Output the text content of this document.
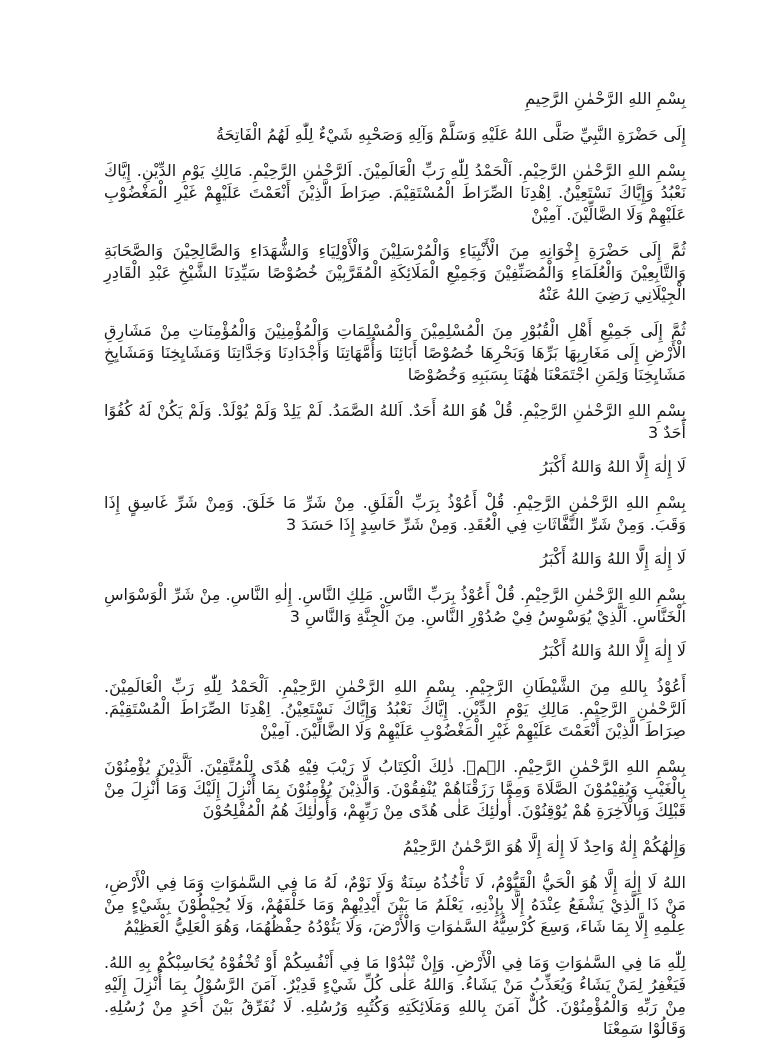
بِسْمِ اللهِ الرَّحْمٰنِ الرَّحِيمِ

إِلَى حَضْرَةِ النَّبِيِّ صَلَّى اللهُ عَلَيْهِ وَسَلَّمْ وَآلِهِ وَصَحْبِهِ شَيْءٌ لِلّٰهِ لَهُمُ الْفَاتِحَةُ

بِسْمِ اللهِ الرَّحْمٰنِ الرَّحِيْمِ. اَلْحَمْدُ لِلّٰهِ رَبِّ الْعَالَمِيْنَ. اَلرَّحْمٰنِ الرَّحِيْمِ. مَالِكِ يَوْمِ الدِّيْنِ. إِيَّاكَ نَعْبُدُ وَإِيَّاكَ نَسْتَعِيْنُ. اِهْدِنَا الصِّرَاطَ الْمُسْتَقِيْمَ. صِرَاطَ الَّذِيْنَ أَنْعَمْتَ عَلَيْهِمْ غَيْرِ الْمَغْضُوْبِ عَلَيْهِمْ وَلَا الضَّالِّيْنَ. آمِيْنْ

ثُمَّ إِلَى حَضْرَةِ إِخْوَانِهِ مِنَ الْأَنْبِيَاءِ وَالْمُرْسَلِيْنَ وَالْأَوْلِيَاءِ وَالشُّهَدَاءِ وَالصَّالِحِيْنَ وَالصَّحَابَةِ وَالتَّابِعِيْنَ وَالْعُلَمَاءِ وَالْمُصَنِّفِيْنَ وَجَمِيْعِ الْمَلَائِكَةِ الْمُقَرَّبِيْنَ خُصُوْصًا سَيِّدِنَا الشَّيْخِ عَبْدِ الْقَادِرِ الْجِيْلَانِي رَضِيَ اللهُ عَنْهُ

ثُمَّ إِلَى جَمِيْعِ أَهْلِ الْقُبُوْرِ مِنَ الْمُسْلِمِيْنَ وَالْمُسْلِمَاتِ وَالْمُؤْمِنِيْنَ وَالْمُؤْمِنَاتِ مِنْ مَشَارِقِ الْأَرْضِ إِلَى مَغَارِبِهَا بَرِّهَا وَبَحْرِهَا خُصُوْصًا أَبَائِنَا وَأُمَّهَاتِنَا وَأَجْدَادِنَا وَجَدَّاتِنَا وَمَشَايِخِنَا وَمَشَايِخِ مَشَايِخِنَا وَلِمَنِ اجْتَمَعْنَا هٰهُنَا بِسَبَبِهِ وَخُصُوْصًا

بِسْمِ اللهِ الرَّحْمٰنِ الرَّحِيْمِ. قُلْ هُوَ اللهُ أَحَدٌ. اَللهُ الصَّمَدُ. لَمْ يَلِدْ وَلَمْ يُوْلَدْ. وَلَمْ يَكُنْ لَهُ كُفُوًا أَحَدٌ 3

لَا إِلٰهَ إِلَّا اللهُ وَاللهُ أَكْبَرُ

بِسْمِ اللهِ الرَّحْمٰنِ الرَّحِيْمِ. قُلْ أَعُوْذُ بِرَبِّ الْفَلَقِ. مِنْ شَرِّ مَا خَلَقَ. وَمِنْ شَرِّ غَاسِقٍ إِذَا وَقَبَ. وَمِنْ شَرِّ النَّفَّاثَاتِ فِي الْعُقَدِ. وَمِنْ شَرِّ حَاسِدٍ إِذَا حَسَدَ 3

لَا إِلٰهَ إِلَّا اللهُ وَاللهُ أَكْبَرُ

بِسْمِ اللهِ الرَّحْمٰنِ الرَّحِيْمِ. قُلْ أَعُوْذُ بِرَبِّ النَّاسِ. مَلِكِ النَّاسِ. إِلٰهِ النَّاسِ. مِنْ شَرِّ الْوَسْوَاسِ الْخَنَّاسِ. اَلَّذِيْ يُوَسْوِسُ فِيْ صُدُوْرِ النَّاسِ. مِنَ الْجِنَّةِ وَالنَّاسِ 3

لَا إِلٰهَ إِلَّا اللهُ وَاللهُ أَكْبَرُ

أَعُوْذُ بِاللهِ مِنَ الشَّيْطَانِ الرَّجِيْمِ. بِسْمِ اللهِ الرَّحْمٰنِ الرَّحِيْمِ. اَلْحَمْدُ لِلّٰهِ رَبِّ الْعَالَمِيْنَ. اَلرَّحْمٰنِ الرَّحِيْمِ. مَالِكِ يَوْمِ الدِّيْنِ. إِيَّاكَ نَعْبُدُ وَإِيَّاكَ نَسْتَعِيْنُ. اِهْدِنَا الصِّرَاطَ الْمُسْتَقِيْمَ. صِرَاطَ الَّذِيْنَ أَنْعَمْتَ عَلَيْهِمْ غَيْرِ الْمَغْضُوْبِ عَلَيْهِمْ وَلَا الضَّالِّيْنَ. آمِيْنْ

بِسْمِ اللهِ الرَّحْمٰنِ الرَّحِيْمِ. الۤمۤ. ذٰلِكَ الْكِتَابُ لَا رَيْبَ فِيْهِ هُدًى لِلْمُتَّقِيْنَ. اَلَّذِيْنَ يُؤْمِنُوْنَ بِالْغَيْبِ وَيُقِيْمُوْنَ الصَّلَاةَ وَمِمَّا رَزَقْنَاهُمْ يُنْفِقُوْنَ. وَالَّذِيْنَ يُؤْمِنُوْنَ بِمَا أُنْزِلَ إِلَيْكَ وَمَا أُنْزِلَ مِنْ قَبْلِكَ وَبِالْآخِرَةِ هُمْ يُوْقِنُوْنَ. أُولٰئِكَ عَلٰى هُدًى مِنْ رَبِّهِمْ، وَأُولٰئِكَ هُمُ الْمُفْلِحُوْنَ

وَإِلٰهُكُمْ إِلٰهٌ وَاحِدٌ لَا إِلٰهَ إِلَّا هُوَ الرَّحْمٰنُ الرَّحِيْمُ

اللهُ لَا إِلٰهَ إِلَّا هُوَ الْحَيُّ الْقَيُّوْمُ، لَا تَأْخُذُهُ سِنَةٌ وَلَا نَوْمٌ، لَهُ مَا فِي السَّمٰوَاتِ وَمَا فِي الْأَرْضِ، مَنْ ذَا الَّذِيْ يَشْفَعُ عِنْدَهُ إِلَّا بِإِذْنِهِ، يَعْلَمُ مَا بَيْنَ أَيْدِيْهِمْ وَمَا خَلْفَهُمْ، وَلَا يُحِيْطُوْنَ بِشَيْءٍ مِنْ عِلْمِهِ إِلَّا بِمَا شَاءَ، وَسِعَ كُرْسِيُّهُ السَّمٰوَاتِ وَالْأَرْضَ، وَلَا يَئُوْدُهُ حِفْظُهُمَا، وَهُوَ الْعَلِيُّ الْعَظِيْمُ

لِلّٰهِ مَا فِي السَّمٰوَاتِ وَمَا فِي الْأَرْضِ. وَإِنْ تُبْدُوْا مَا فِي أَنْفُسِكُمْ أَوْ تُخْفُوْهُ يُحَاسِبْكُمْ بِهِ اللهُ. فَيَغْفِرُ لِمَنْ يَشَاءُ وَيُعَذِّبُ مَنْ يَشَاءُ. وَاللهُ عَلٰى كُلِّ شَيْءٍ قَدِيْرٌ. آمَنَ الرَّسُوْلُ بِمَا أُنْزِلَ إِلَيْهِ مِنْ رَبِّهِ وَالْمُؤْمِنُوْنَ. كُلٌّ آمَنَ بِاللهِ وَمَلَائِكَتِهِ وَكُتُبِهِ وَرُسُلِهِ. لَا نُفَرِّقُ بَيْنَ أَحَدٍ مِنْ رُسُلِهِ. وَقَالُوْا سَمِعْنَا
